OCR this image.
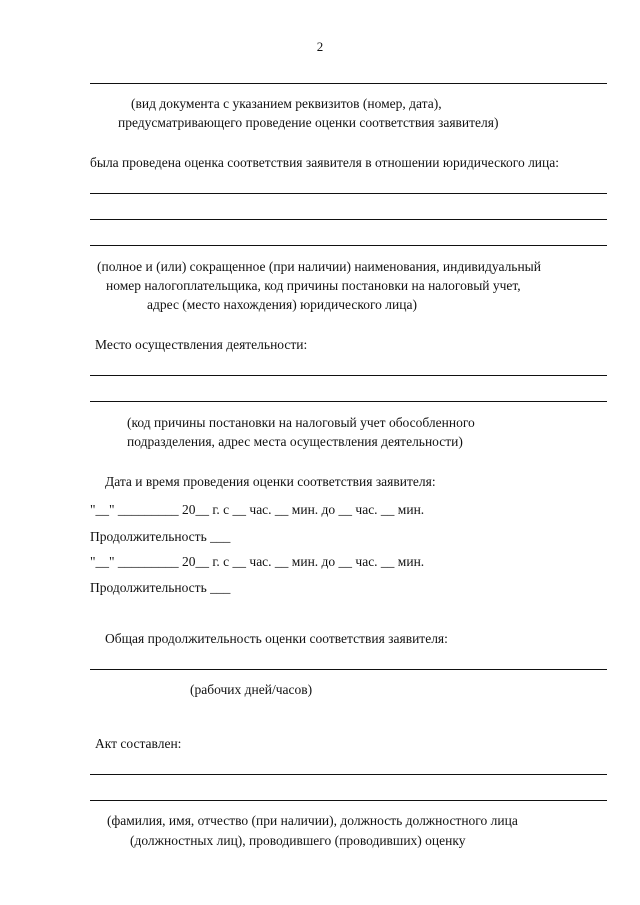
2
(вид документа с указанием реквизитов (номер, дата),
предусматривающего проведение оценки соответствия заявителя)
была проведена оценка соответствия заявителя в отношении юридического лица:
(полное и (или) сокращенное (при наличии) наименования, индивидуальный
номер налогоплательщика, код причины постановки на налоговый учет,
адрес (место нахождения) юридического лица)
Место осуществления деятельности:
(код причины постановки на налоговый учет обособленного
подразделения, адрес места осуществления деятельности)
Дата и время проведения оценки соответствия заявителя:
"__" _________ 20__ г. с __ час. __ мин. до __ час. __ мин.
Продолжительность ___
"__" _________ 20__ г. с __ час. __ мин. до __ час. __ мин.
Продолжительность ___
Общая продолжительность оценки соответствия заявителя:
(рабочих дней/часов)
Акт составлен:
(фамилия, имя, отчество (при наличии), должность должностного лица
(должностных лиц), проводившего (проводивших) оценку
